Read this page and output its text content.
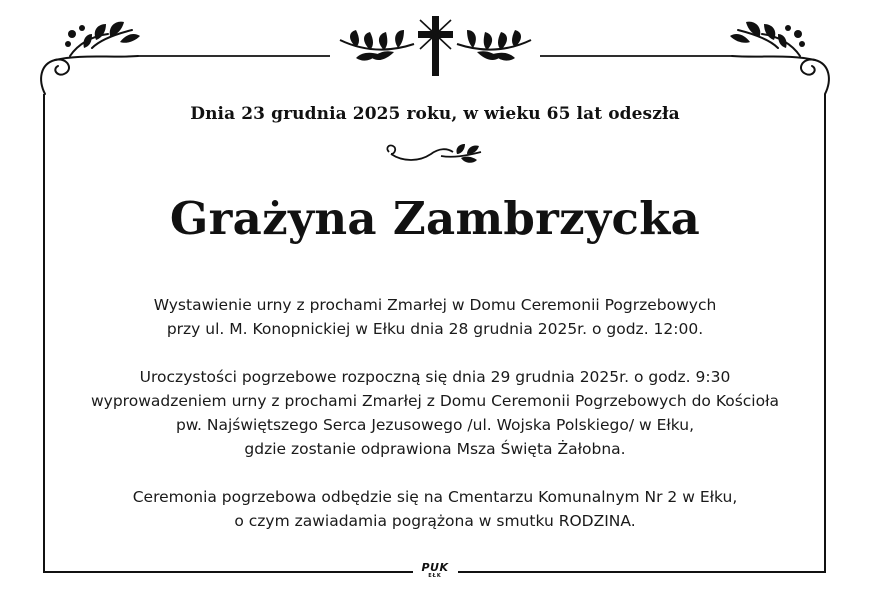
Dnia 23 grudnia 2025 roku, w wieku 65 lat odeszła
Grażyna Zambrzycka

Wystawienie urny z prochami Zmarłej w Domu Ceremonii Pogrzebowych
przy ul. M. Konopnickiej w Ełku dnia 28 grudnia 2025r. o godz. 12:00.

Uroczystości pogrzebowe rozpoczną się dnia 29 grudnia 2025r. o godz. 9:30
wyprowadzeniem urny z prochami Zmarłej z Domu Ceremonii Pogrzebowych do Kościoła
pw. Najświętszego Serca Jezusowego /ul. Wojska Polskiego/ w Ełku,
gdzie zostanie odprawiona Msza Święta Żałobna.

Ceremonia pogrzebowa odbędzie się na Cmentarzu Komunalnym Nr 2 w Ełku,
o czym zawiadamia pogrążona w smutku RODZINA.

PUK
EŁK
